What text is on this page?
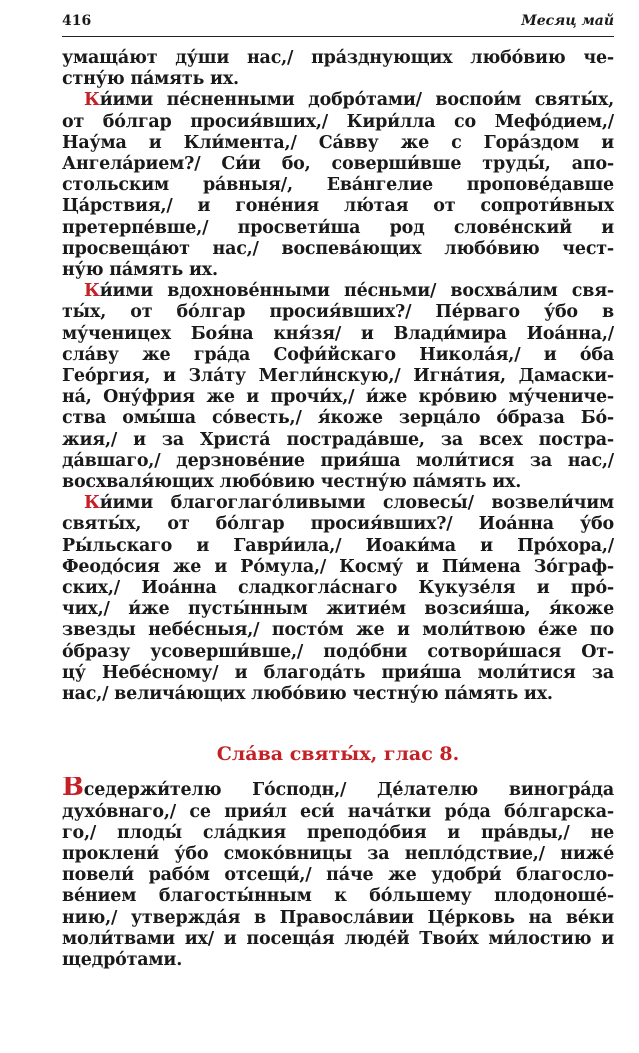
416	Месяц май
умаща́ют ду́ши нас,/ пра́зднующих любо́вию че-
стну́ю па́мять их.
Ки́ими пе́сненными добро́тами/ воспои́м святы́х,
от бо́лгар просия́вших,/ Кири́лла со Мефо́дием,/
Нау́ма и Кли́мента,/ Са́вву же с Гора́здом и
Ангела́рием?/ Си́и бо, соверши́вше труды́, апо-
стольским ра́вныя/, Ева́нгелие пропове́давше
Ца́рствия,/ и гоне́ния лю́тая от сопроти́вных
претерпе́вше,/ просвети́ша род слове́нский и
просвеща́ют нас,/ воспева́ющих любо́вию чест-
ну́ю па́мять их.
Ки́ими вдохнове́нными пе́сньми/ восхва́лим свя-
ты́х, от бо́лгар просия́вших?/ Пе́рваго у́бо в
му́ченицех Боя́на кня́зя/ и Влади́мира Иоа́нна,/
сла́ву же гра́да Софи́йскаго Никола́я,/ и о́ба
Гео́ргия, и Зла́ту Мегли́нскую,/ Игна́тия, Дамаски-
на́, Ону́фрия же и прочи́х,/ и́же кро́вию му́чениче-
ства омы́ша со́весть,/ я́коже зерца́ло о́браза Бо́-
жия,/ и за Христа́ пострада́вше, за всех постра-
да́вшаго,/ дерзнове́ние прия́ша моли́тися за нас,/
восхваля́ющих любо́вию честну́ю па́мять их.
Ки́ими благоглаго́ливыми словесы́/ возвели́чим
святы́х, от бо́лгар просия́вших?/ Иоа́нна у́бо
Ры́льскаго и Гаври́ила,/ Иоаки́ма и Про́хора,/
Феодо́сия же и Ро́мула,/ Косму́ и Пи́мена Зо́граф-
ских,/ Иоа́нна сладкогла́снаго Кукузе́ля и про́-
чих,/ и́же пусты́нным житие́м возсия́ша, я́коже
звезды небе́сныя,/ посто́м же и моли́твою е́же по
о́бразу усоверши́вше,/ подо́бни сотвори́шася От-
цу́ Небе́сному/ и благода́ть прия́ша моли́тися за
нас,/ велича́ющих любо́вию честну́ю па́мять их.
Сла́ва святы́х, глас 8.
Вседержи́телю Го́сподн,/ Де́лателю виногра́да
духо́внаго,/ се прия́л еси́ нача́тки ро́да бо́лгарска-
го,/ плоды́ сла́дкия преподо́бия и пра́вды,/ не
проклени́ у́бо смоко́вницы за непло́дствие,/ ниже́
повели́ рабо́м отсещи́,/ па́че же удобри́ благосло-
ве́нием благосты́нным к бо́льшему плодоноше́-
нию,/ утвержда́я в Правосла́вии Це́рковь на ве́ки
моли́твами их/ и посеща́я люде́й Твои́х ми́лостию и
щедро́тами.
